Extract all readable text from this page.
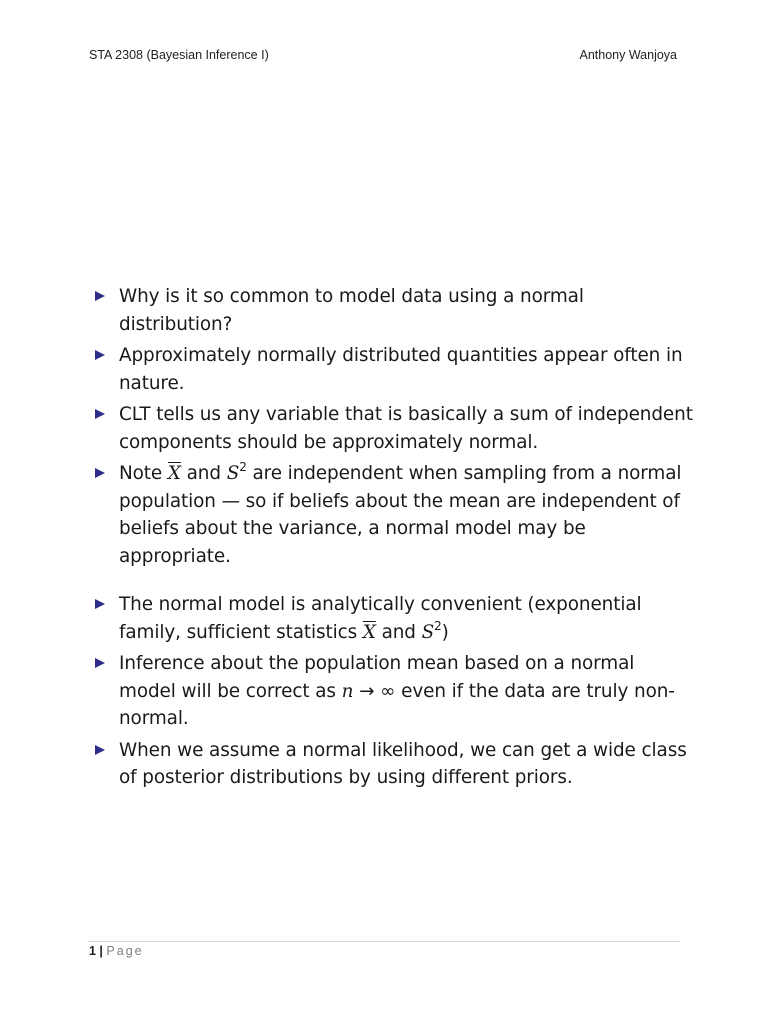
STA 2308 (Bayesian Inference I)	Anthony Wanjoya
Why is it so common to model data using a normal distribution?
Approximately normally distributed quantities appear often in nature.
CLT tells us any variable that is basically a sum of independent components should be approximately normal.
Note $\overline{X}$ and $S^2$ are independent when sampling from a normal population — so if beliefs about the mean are independent of beliefs about the variance, a normal model may be appropriate.
The normal model is analytically convenient (exponential family, sufficient statistics $\overline{X}$ and $S^2$)
Inference about the population mean based on a normal model will be correct as n → ∞ even if the data are truly non-normal.
When we assume a normal likelihood, we can get a wide class of posterior distributions by using different priors.
1 | Page
